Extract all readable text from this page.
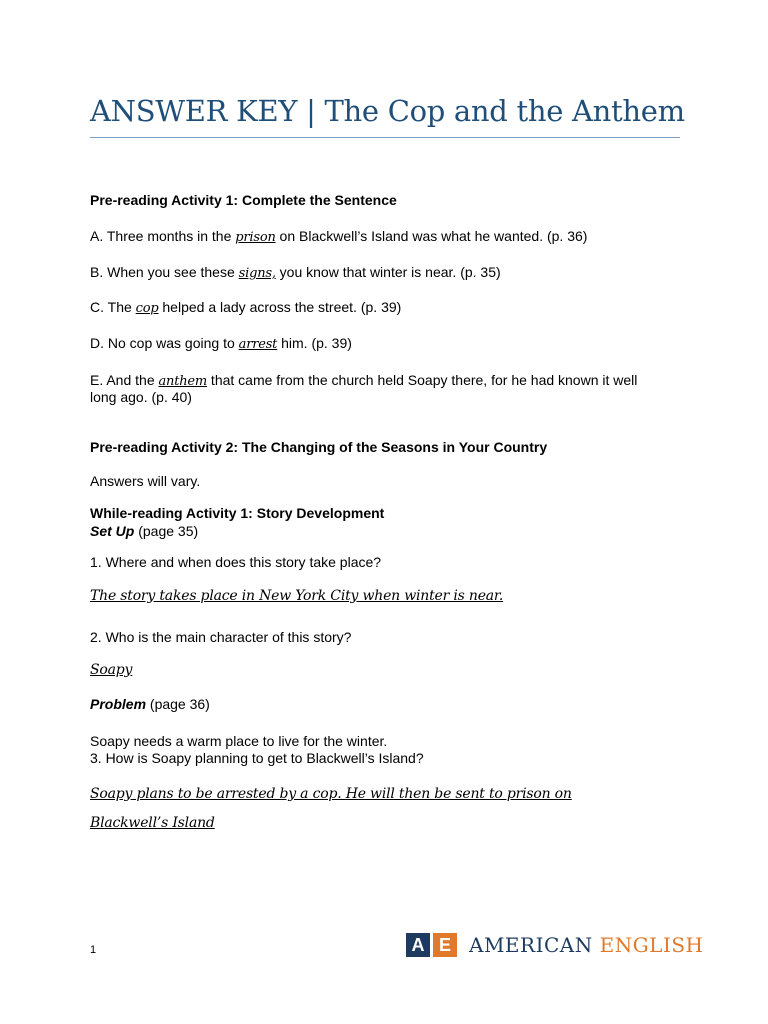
ANSWER KEY | The Cop and the Anthem
Pre-reading Activity 1: Complete the Sentence
A. Three months in the prison on Blackwell’s Island was what he wanted. (p. 36)
B. When you see these signs, you know that winter is near. (p. 35)
C. The cop helped a lady across the street. (p. 39)
D. No cop was going to arrest him. (p. 39)
E. And the anthem that came from the church held Soapy there, for he had known it well
long ago. (p. 40)
Pre-reading Activity 2: The Changing of the Seasons in Your Country
Answers will vary.
While-reading Activity 1: Story Development
Set Up (page 35)
1. Where and when does this story take place?
The story takes place in New York City when winter is near.
2. Who is the main character of this story?
Soapy
Problem (page 36)
Soapy needs a warm place to live for the winter.
3. How is Soapy planning to get to Blackwell’s Island?
Soapy plans to be arrested by a cop. He will then be sent to prison on
Blackwell’s Island
1	A E AMERICAN ENGLISH
